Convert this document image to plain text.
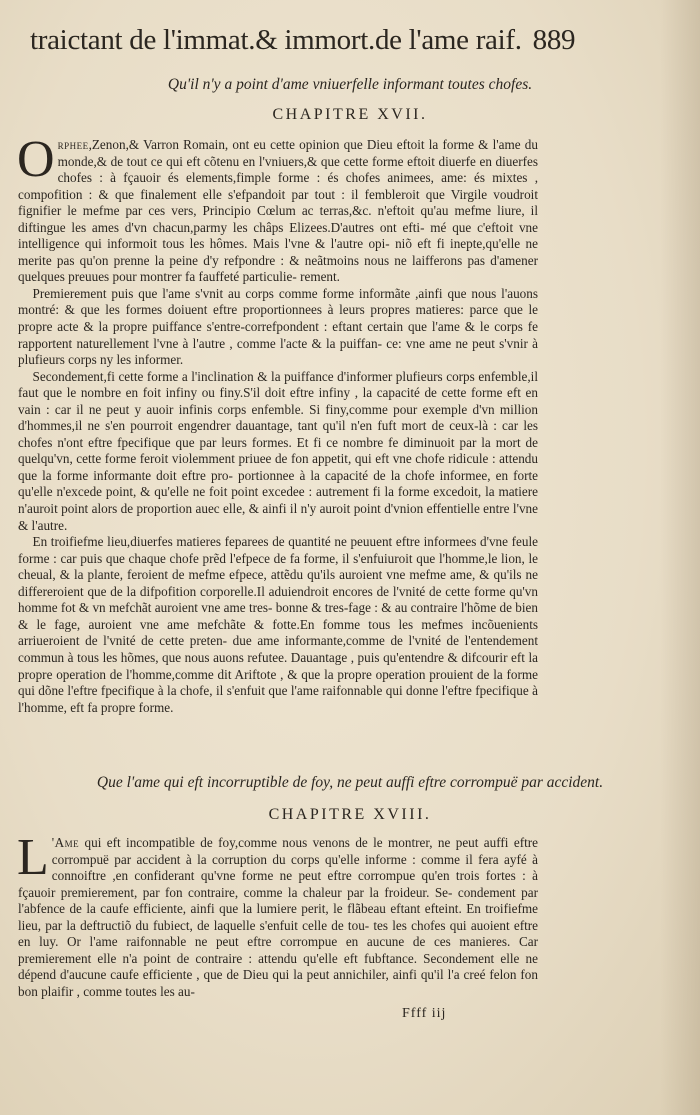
traictant de l'immat.& immort.de l'ame raif. 889
Qu'il n'y a point d'ame vniuerfelle informant toutes chofes.
CHAPITRE XVII.

Orphee,Zenon,& Varron Romain, ont eu cette opinion que Dieu eftoit la forme & l'ame du monde,& de tout ce qui eft cõtenu en l'vniuers,& que cette forme eftoit diuerfe en diuerfes chofes : à fçauoir és elements,fimple forme : és chofes animees, ame: és mixtes , compofition : & que finalement elle s'efpandoit par tout : il fembleroit que Virgile voudroit fignifier le mefme par ces vers, Principio Cœlum ac terras,&c. n'eftoit qu'au mefme liure, il diftingue les ames d'vn chacun,parmy les châps Elizees.D'autres ont efti- mé que c'eftoit vne intelligence qui informoit tous les hômes. Mais l'vne & l'autre opi- niõ eft fi inepte,qu'elle ne merite pas qu'on prenne la peine d'y refpondre : & neãtmoins nous ne laifferons pas d'amener quelques preuues pour montrer fa fauffeté particulie- rement.

Premierement puis que l'ame s'vnit au corps comme forme informãte ,ainfi que nous l'auons montré: & que les formes doiuent eftre proportionnees à leurs propres matieres: parce que le propre acte & la propre puiffance s'entre-correfpondent : eftant certain que l'ame & le corps fe rapportent naturellement l'vne à l'autre , comme l'acte & la puiffan- ce: vne ame ne peut s'vnir à plufieurs corps ny les informer.

Secondement,fi cette forme a l'inclination & la puiffance d'informer plufieurs corps enfemble,il faut que le nombre en foit infiny ou finy.S'il doit eftre infiny , la capacité de cette forme eft en vain : car il ne peut y auoir infinis corps enfemble. Si finy,comme pour exemple d'vn million d'hommes,il ne s'en pourroit engendrer dauantage, tant qu'il n'en fuft mort de ceux-là : car les chofes n'ont eftre fpecifique que par leurs formes. Et fi ce nombre fe diminuoit par la mort de quelqu'vn, cette forme feroit violemment priuee de fon appetit, qui eft vne chofe ridicule : attendu que la forme informante doit eftre pro- portionnee à la capacité de la chofe informee, en forte qu'elle n'excede point, & qu'elle ne foit point excedee : autrement fi la forme excedoit, la matiere n'auroit point alors de proportion auec elle, & ainfi il n'y auroit point d'vnion effentielle entre l'vne & l'autre.

En troifiefme lieu,diuerfes matieres feparees de quantité ne peuuent eftre informees d'vne feule forme : car puis que chaque chofe prẽd l'efpece de fa forme, il s'enfuiuroit que l'homme,le lion, le cheual, & la plante, feroient de mefme efpece, attẽdu qu'ils auroient vne mefme ame, & qu'ils ne differeroient que de la difpofition corporelle.Il aduiendroit encores de l'vnité de cette forme qu'vn homme fot & vn mefchãt auroient vne ame tres- bonne & tres-fage : & au contraire l'hõme de bien & le fage, auroient vne ame mefchãte & fotte.En fomme tous les mefmes incõuenients arriueroient de l'vnité de cette preten- due ame informante,comme de l'vnité de l'entendement commun à tous les hõmes, que nous auons refutee. Dauantage , puis qu'entendre & difcourir eft la propre operation de l'homme,comme dit Ariftote , & que la propre operation prouient de la forme qui dõne l'eftre fpecifique à la chofe, il s'enfuit que l'ame raifonnable qui donne l'eftre fpecifique à l'homme, eft fa propre forme.

Que l'ame qui eft incorruptible de foy, ne peut auffi eftre corrompuë par accident.
CHAPITRE XVIII.

L 'Ame qui eft incompatible de foy,comme nous venons de le montrer, ne peut auffi eftre corrompuë par accident à la corruption du corps qu'elle informe : comme il fera ayfé à connoiftre ,en confiderant qu'vne forme ne peut eftre corrompue qu'en trois fortes : à fçauoir premierement, par fon contraire, comme la chaleur par la froideur. Se- condement par l'abfence de la caufe efficiente, ainfi que la lumiere perit, le flãbeau eftant efteint. En troifiefme lieu, par la deftructiõ du fubiect, de laquelle s'enfuit celle de tou- tes les chofes qui auoient eftre en luy. Or l'ame raifonnable ne peut eftre corrompue en aucune de ces manieres. Car premierement elle n'a point de contraire : attendu qu'elle eft fubftance. Secondement elle ne dépend d'aucune caufe efficiente , que de Dieu qui la peut annichiler, ainfi qu'il l'a creé felon fon bon plaifir , comme toutes les au-

Ffff iij
